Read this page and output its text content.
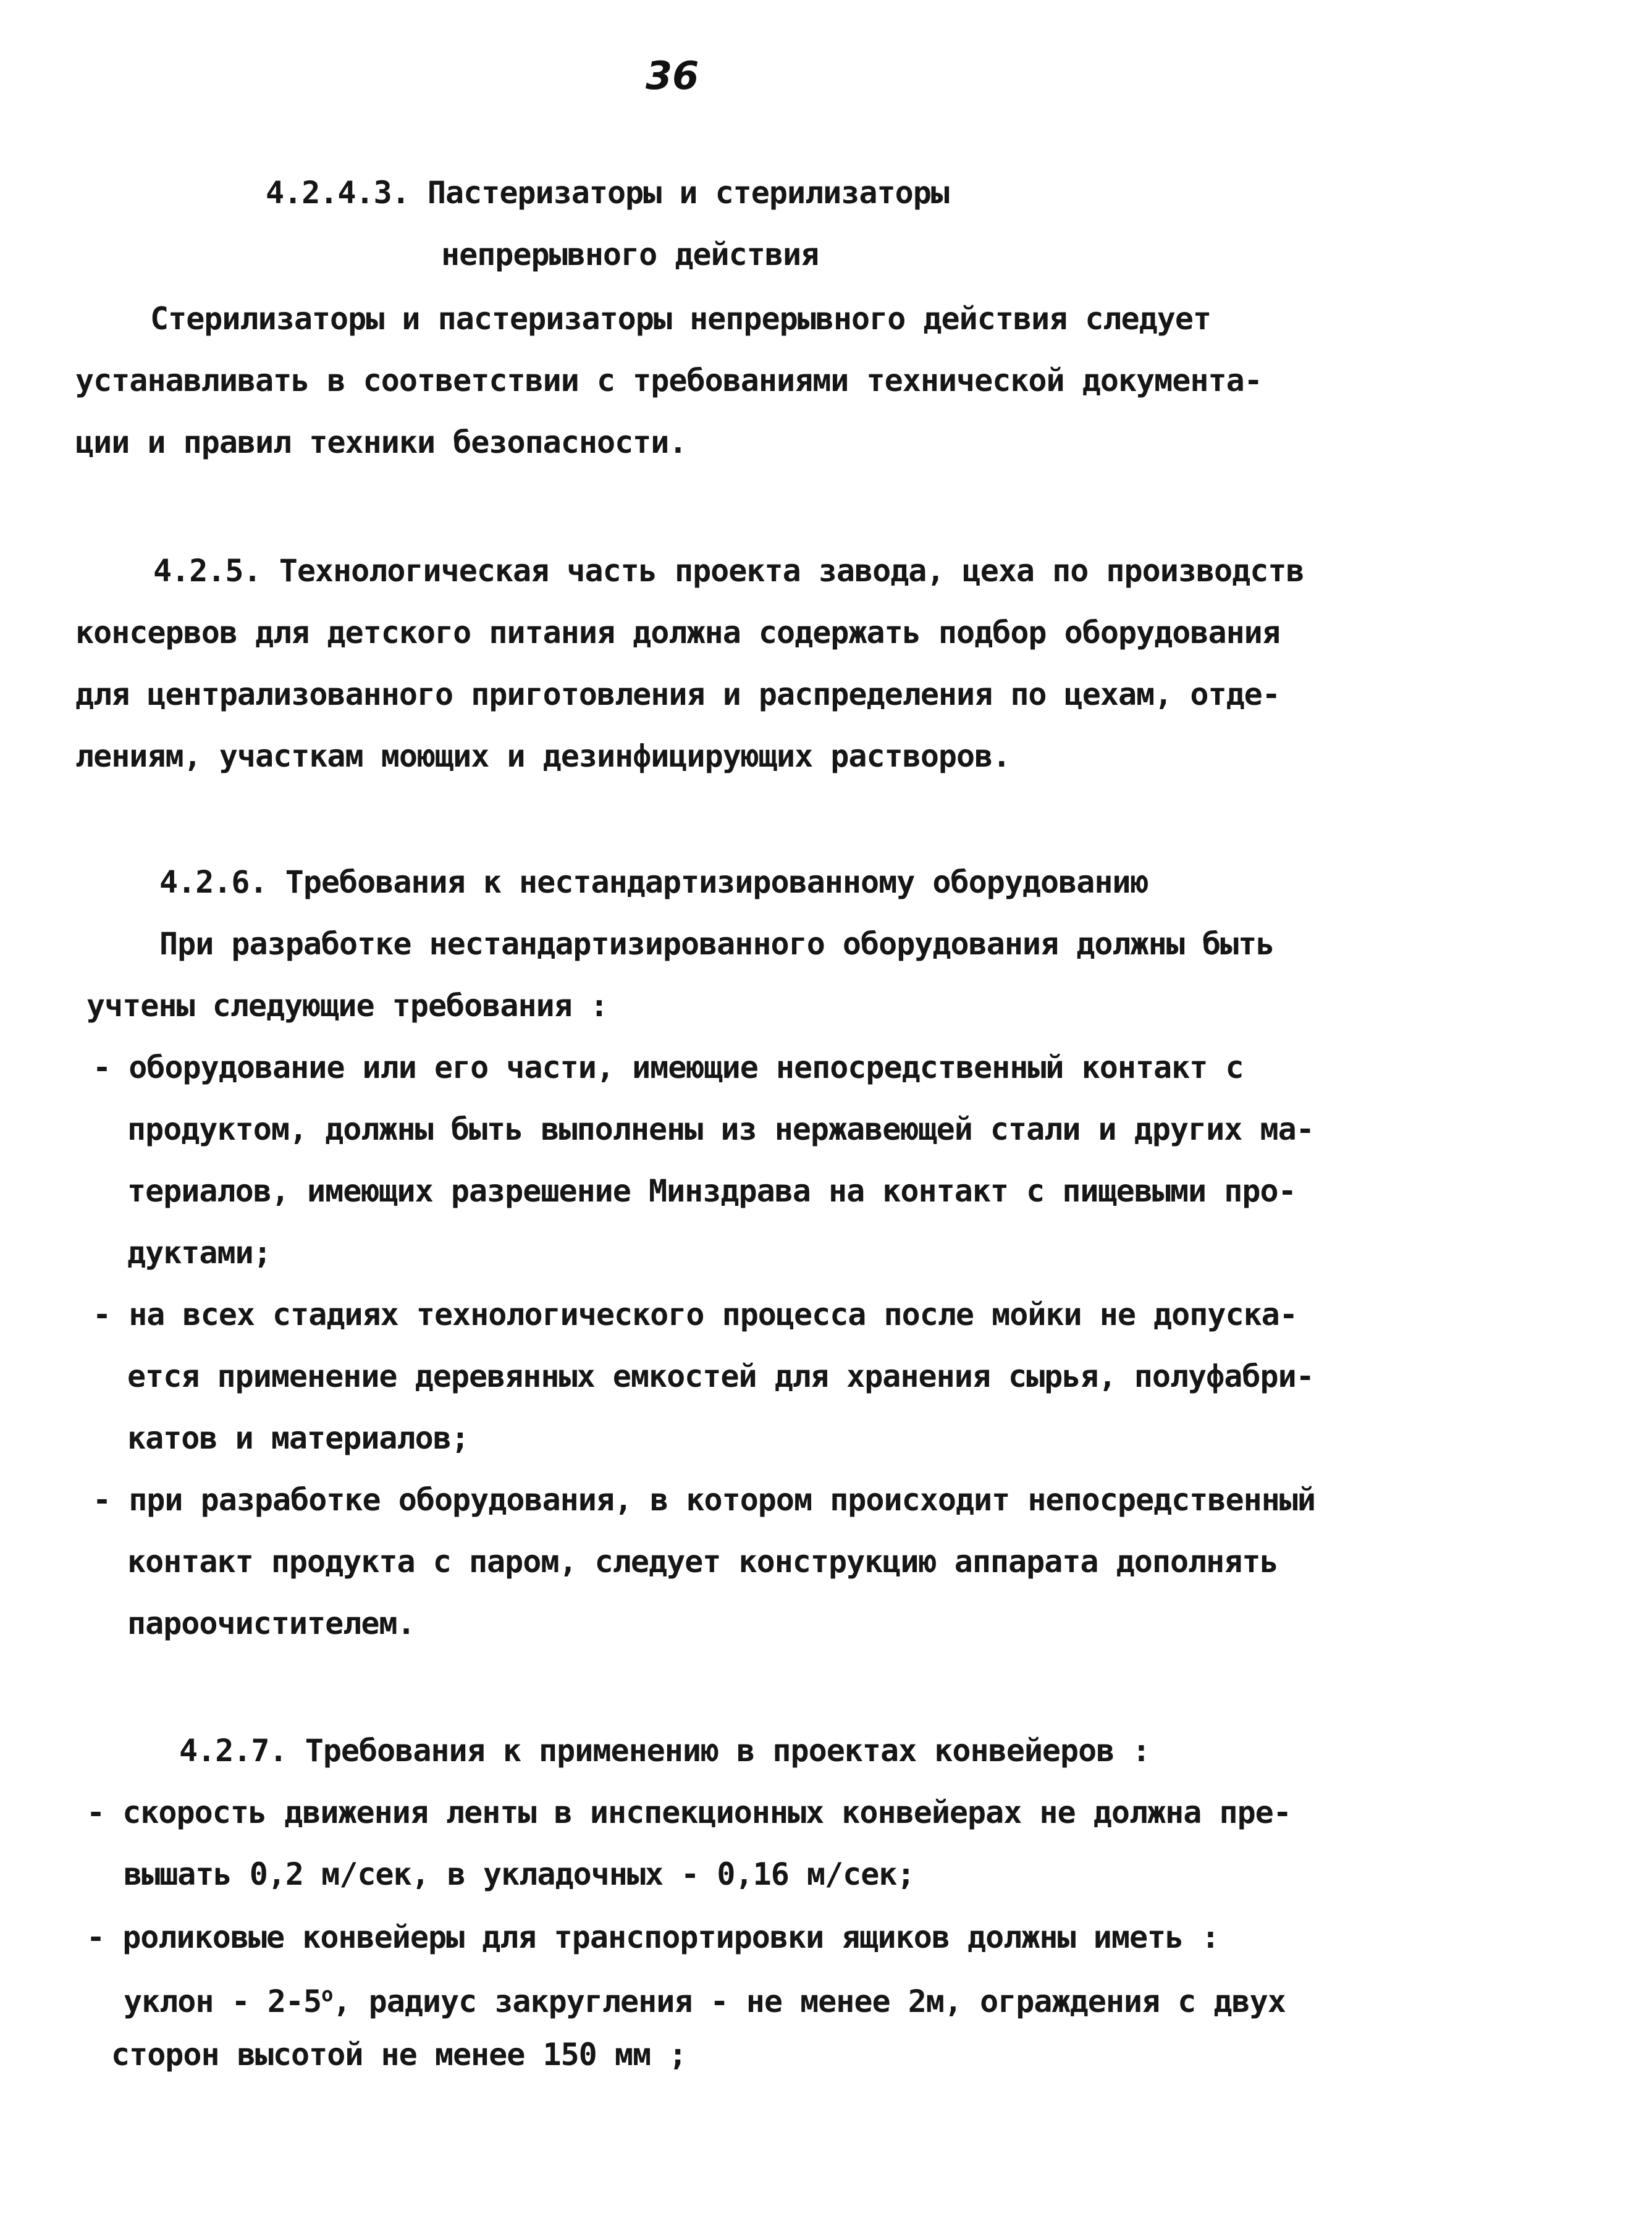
36
4.2.4.3. Пастеризаторы и стерилизаторы
непрерывного действия
Стерилизаторы и пастеризаторы непрерывного действия следует
устанавливать в соответствии с требованиями технической документа-
ции и правил техники безопасности.
4.2.5. Технологическая часть проекта завода, цеха по производств
консервов для детского питания должна содержать подбор оборудования
для централизованного приготовления и распределения по цехам, отде-
лениям, участкам моющих и дезинфицирующих растворов.
4.2.6. Требования к нестандартизированному оборудованию
При разработке нестандартизированного оборудования должны быть
учтены следующие требования :
- оборудование или его части, имеющие непосредственный контакт с
продуктом, должны быть выполнены из нержавеющей стали и других ма-
териалов, имеющих разрешение Минздрава на контакт с пищевыми про-
дуктами;
- на всех стадиях технологического процесса после мойки не допуска-
ется применение деревянных емкостей для хранения сырья, полуфабри-
катов и материалов;
- при разработке оборудования, в котором происходит непосредственный
контакт продукта с паром, следует конструкцию аппарата дополнять
пароочистителем.
4.2.7. Требования к применению в проектах конвейеров :
- скорость движения ленты в инспекционных конвейерах не должна пре-
вышать 0,2 м/сек, в укладочных - 0,16 м/сек;
- роликовые конвейеры для транспортировки ящиков должны иметь :
уклон - $2-5^о$, радиус закругления - не менее 2м, ограждения с двух
сторон высотой не менее 150 мм ;
